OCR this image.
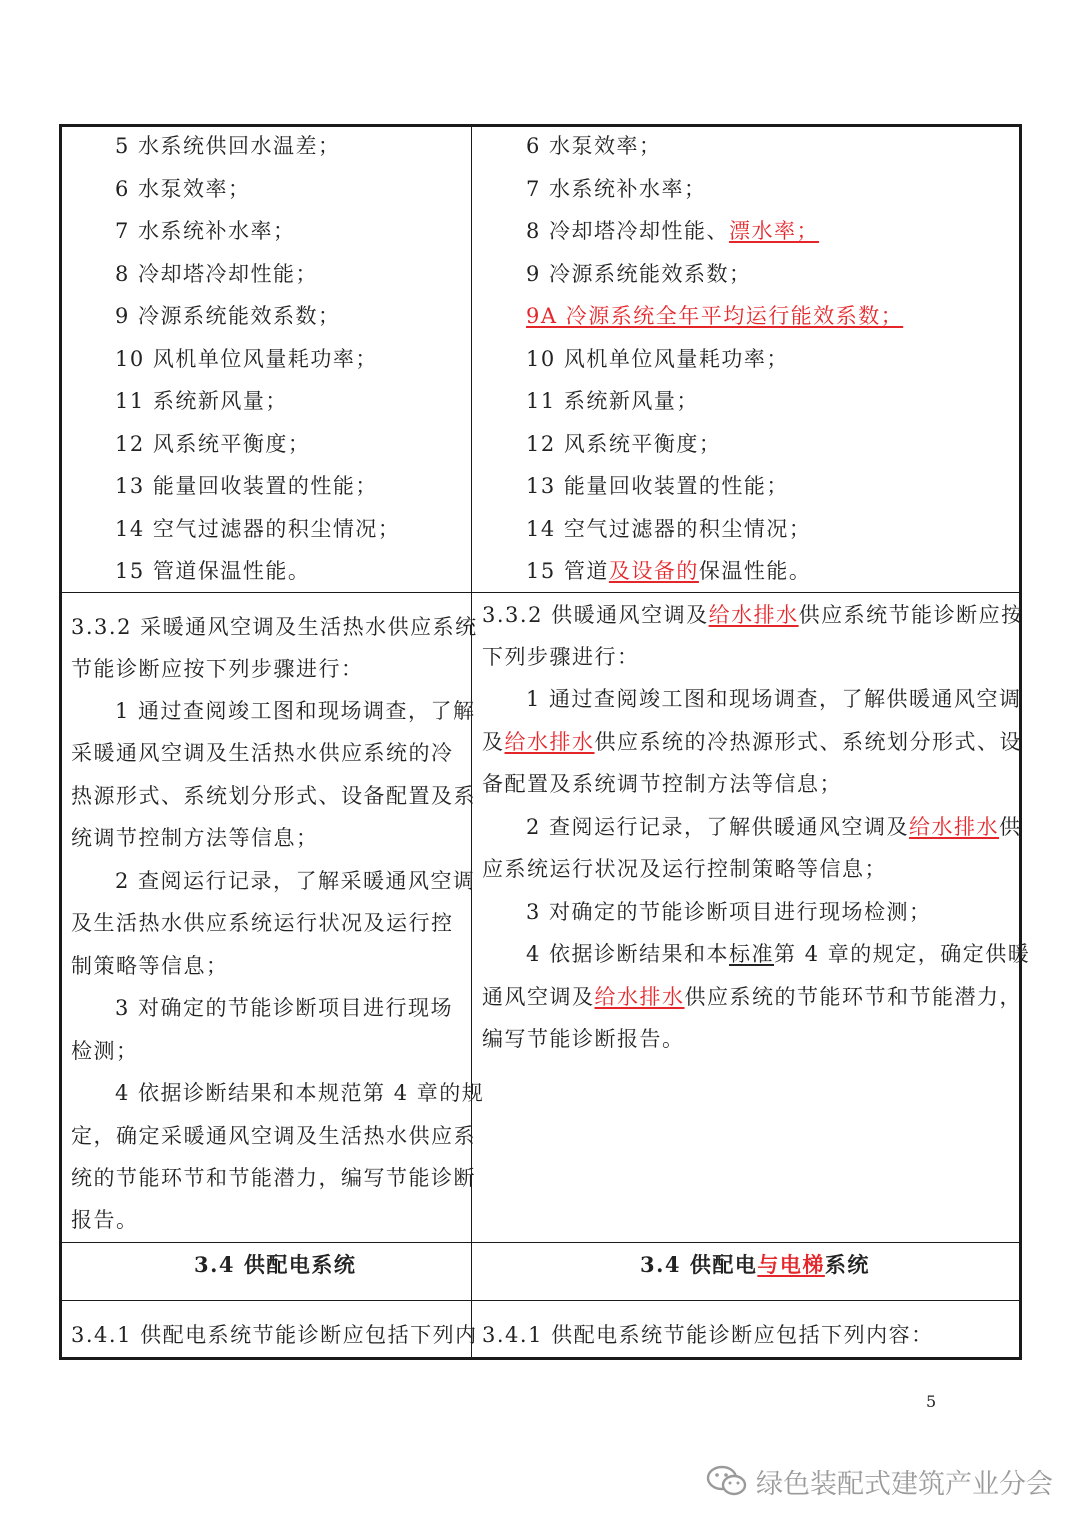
5 水系统供回水温差；
6 水泵效率；
7 水系统补水率；
8 冷却塔冷却性能；
9 冷源系统能效系数；
10 风机单位风量耗功率；
11 系统新风量；
12 风系统平衡度；
13 能量回收装置的性能；
14 空气过滤器的积尘情况；
15 管道保温性能。
6 水泵效率；
7 水系统补水率；
8 冷却塔冷却性能、漂水率；
9 冷源系统能效系数；
9A 冷源系统全年平均运行能效系数；
10 风机单位风量耗功率；
11 系统新风量；
12 风系统平衡度；
13 能量回收装置的性能；
14 空气过滤器的积尘情况；
15 管道及设备的保温性能。
3.3.2 采暖通风空调及生活热水供应系统
节能诊断应按下列步骤进行：
1 通过查阅竣工图和现场调查，了解
采暖通风空调及生活热水供应系统的冷
热源形式、系统划分形式、设备配置及系
统调节控制方法等信息；
2 查阅运行记录，了解采暖通风空调
及生活热水供应系统运行状况及运行控
制策略等信息；
3 对确定的节能诊断项目进行现场
检测；
4 依据诊断结果和本规范第 4 章的规
定，确定采暖通风空调及生活热水供应系
统的节能环节和节能潜力，编写节能诊断
报告。
3.3.2 供暖通风空调及给水排水供应系统节能诊断应按
下列步骤进行：
1 通过查阅竣工图和现场调查，了解供暖通风空调
及给水排水供应系统的冷热源形式、系统划分形式、设
备配置及系统调节控制方法等信息；
2 查阅运行记录，了解供暖通风空调及给水排水供
应系统运行状况及运行控制策略等信息；
3 对确定的节能诊断项目进行现场检测；
4 依据诊断结果和本标准第 4 章的规定，确定供暖
通风空调及给水排水供应系统的节能环节和节能潜力，
编写节能诊断报告。
3.4 供配电系统	3.4 供配电与电梯系统
3.4.1 供配电系统节能诊断应包括下列内 3.4.1 供配电系统节能诊断应包括下列内容：
5
绿色装配式建筑产业分会
